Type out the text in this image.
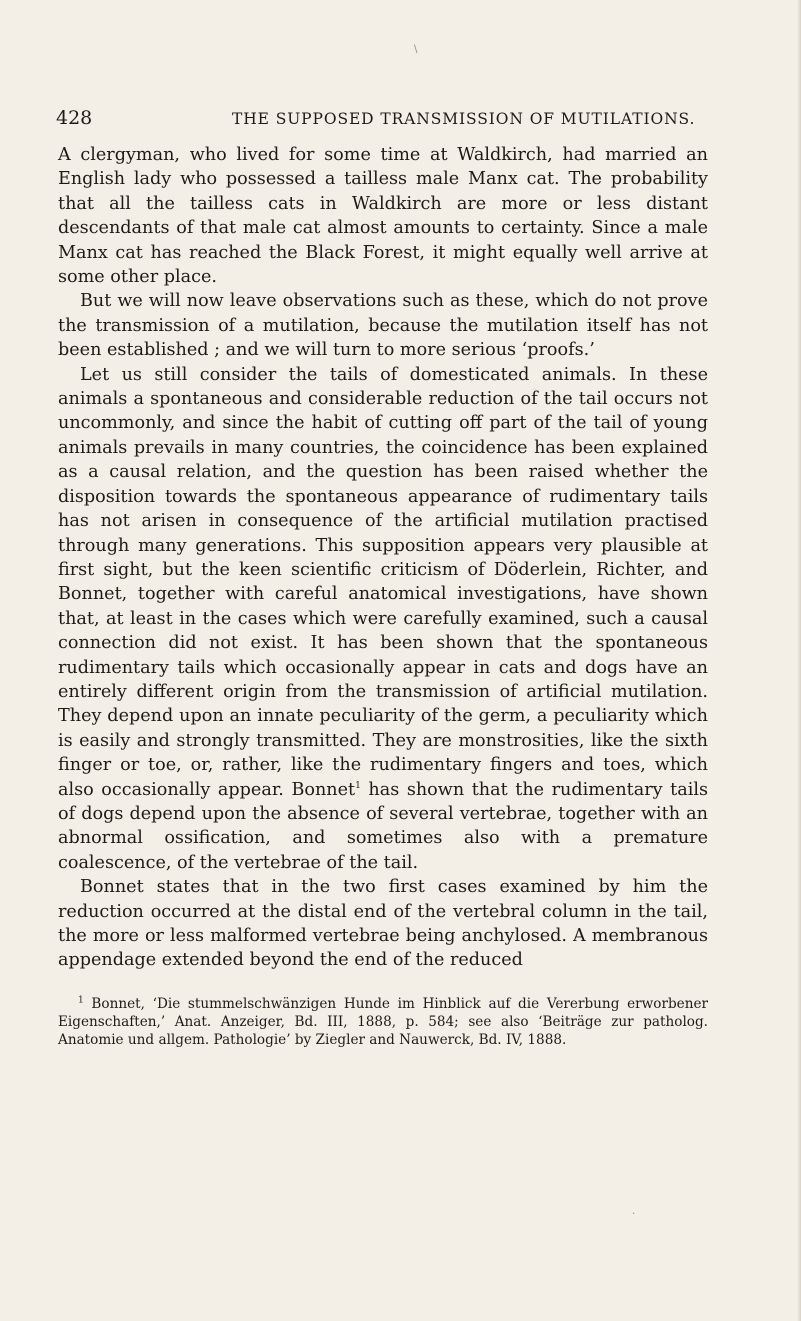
\
428	THE SUPPOSED TRANSMISSION OF MUTILATIONS.

A clergyman, who lived for some time at Waldkirch, had married an English lady who possessed a tailless male Manx cat. The probability that all the tailless cats in Waldkirch are more or less distant descendants of that male cat almost amounts to certainty. Since a male Manx cat has reached the Black Forest, it might equally well arrive at some other place.

But we will now leave observations such as these, which do not prove the transmission of a mutilation, because the mutilation itself has not been established ; and we will turn to more serious ‘proofs.’

Let us still consider the tails of domesticated animals. In these animals a spontaneous and considerable reduction of the tail occurs not uncommonly, and since the habit of cutting off part of the tail of young animals prevails in many countries, the coincidence has been explained as a causal relation, and the question has been raised whether the disposition towards the spontaneous appearance of rudimentary tails has not arisen in consequence of the artificial mutilation practised through many generations. This supposition appears very plausible at first sight, but the keen scientific criticism of Döderlein, Richter, and Bonnet, together with careful anatomical investigations, have shown that, at least in the cases which were carefully examined, such a causal connection did not exist. It has been shown that the spontaneous rudimentary tails which occasionally appear in cats and dogs have an entirely different origin from the transmission of artificial mutilation. They depend upon an innate peculiarity of the germ, a peculiarity which is easily and strongly transmitted. They are monstrosities, like the sixth finger or toe, or, rather, like the rudimentary fingers and toes, which also occasionally appear. Bonnet$^1$ has shown that the rudimentary tails of dogs depend upon the absence of several vertebrae, together with an abnormal ossification, and sometimes also with a premature coalescence, of the vertebrae of the tail.

Bonnet states that in the two first cases examined by him the reduction occurred at the distal end of the vertebral column in the tail, the more or less malformed vertebrae being anchylosed. A membranous appendage extended beyond the end of the reduced

$^1$ Bonnet, ‘Die stummelschwänzigen Hunde im Hinblick auf die Vererbung erworbener Eigenschaften,’ Anat. Anzeiger, Bd. III, 1888, p. 584; see also ‘Beiträge zur patholog. Anatomie und allgem. Pathologie’ by Ziegler and Nauwerck, Bd. IV, 1888.
.
